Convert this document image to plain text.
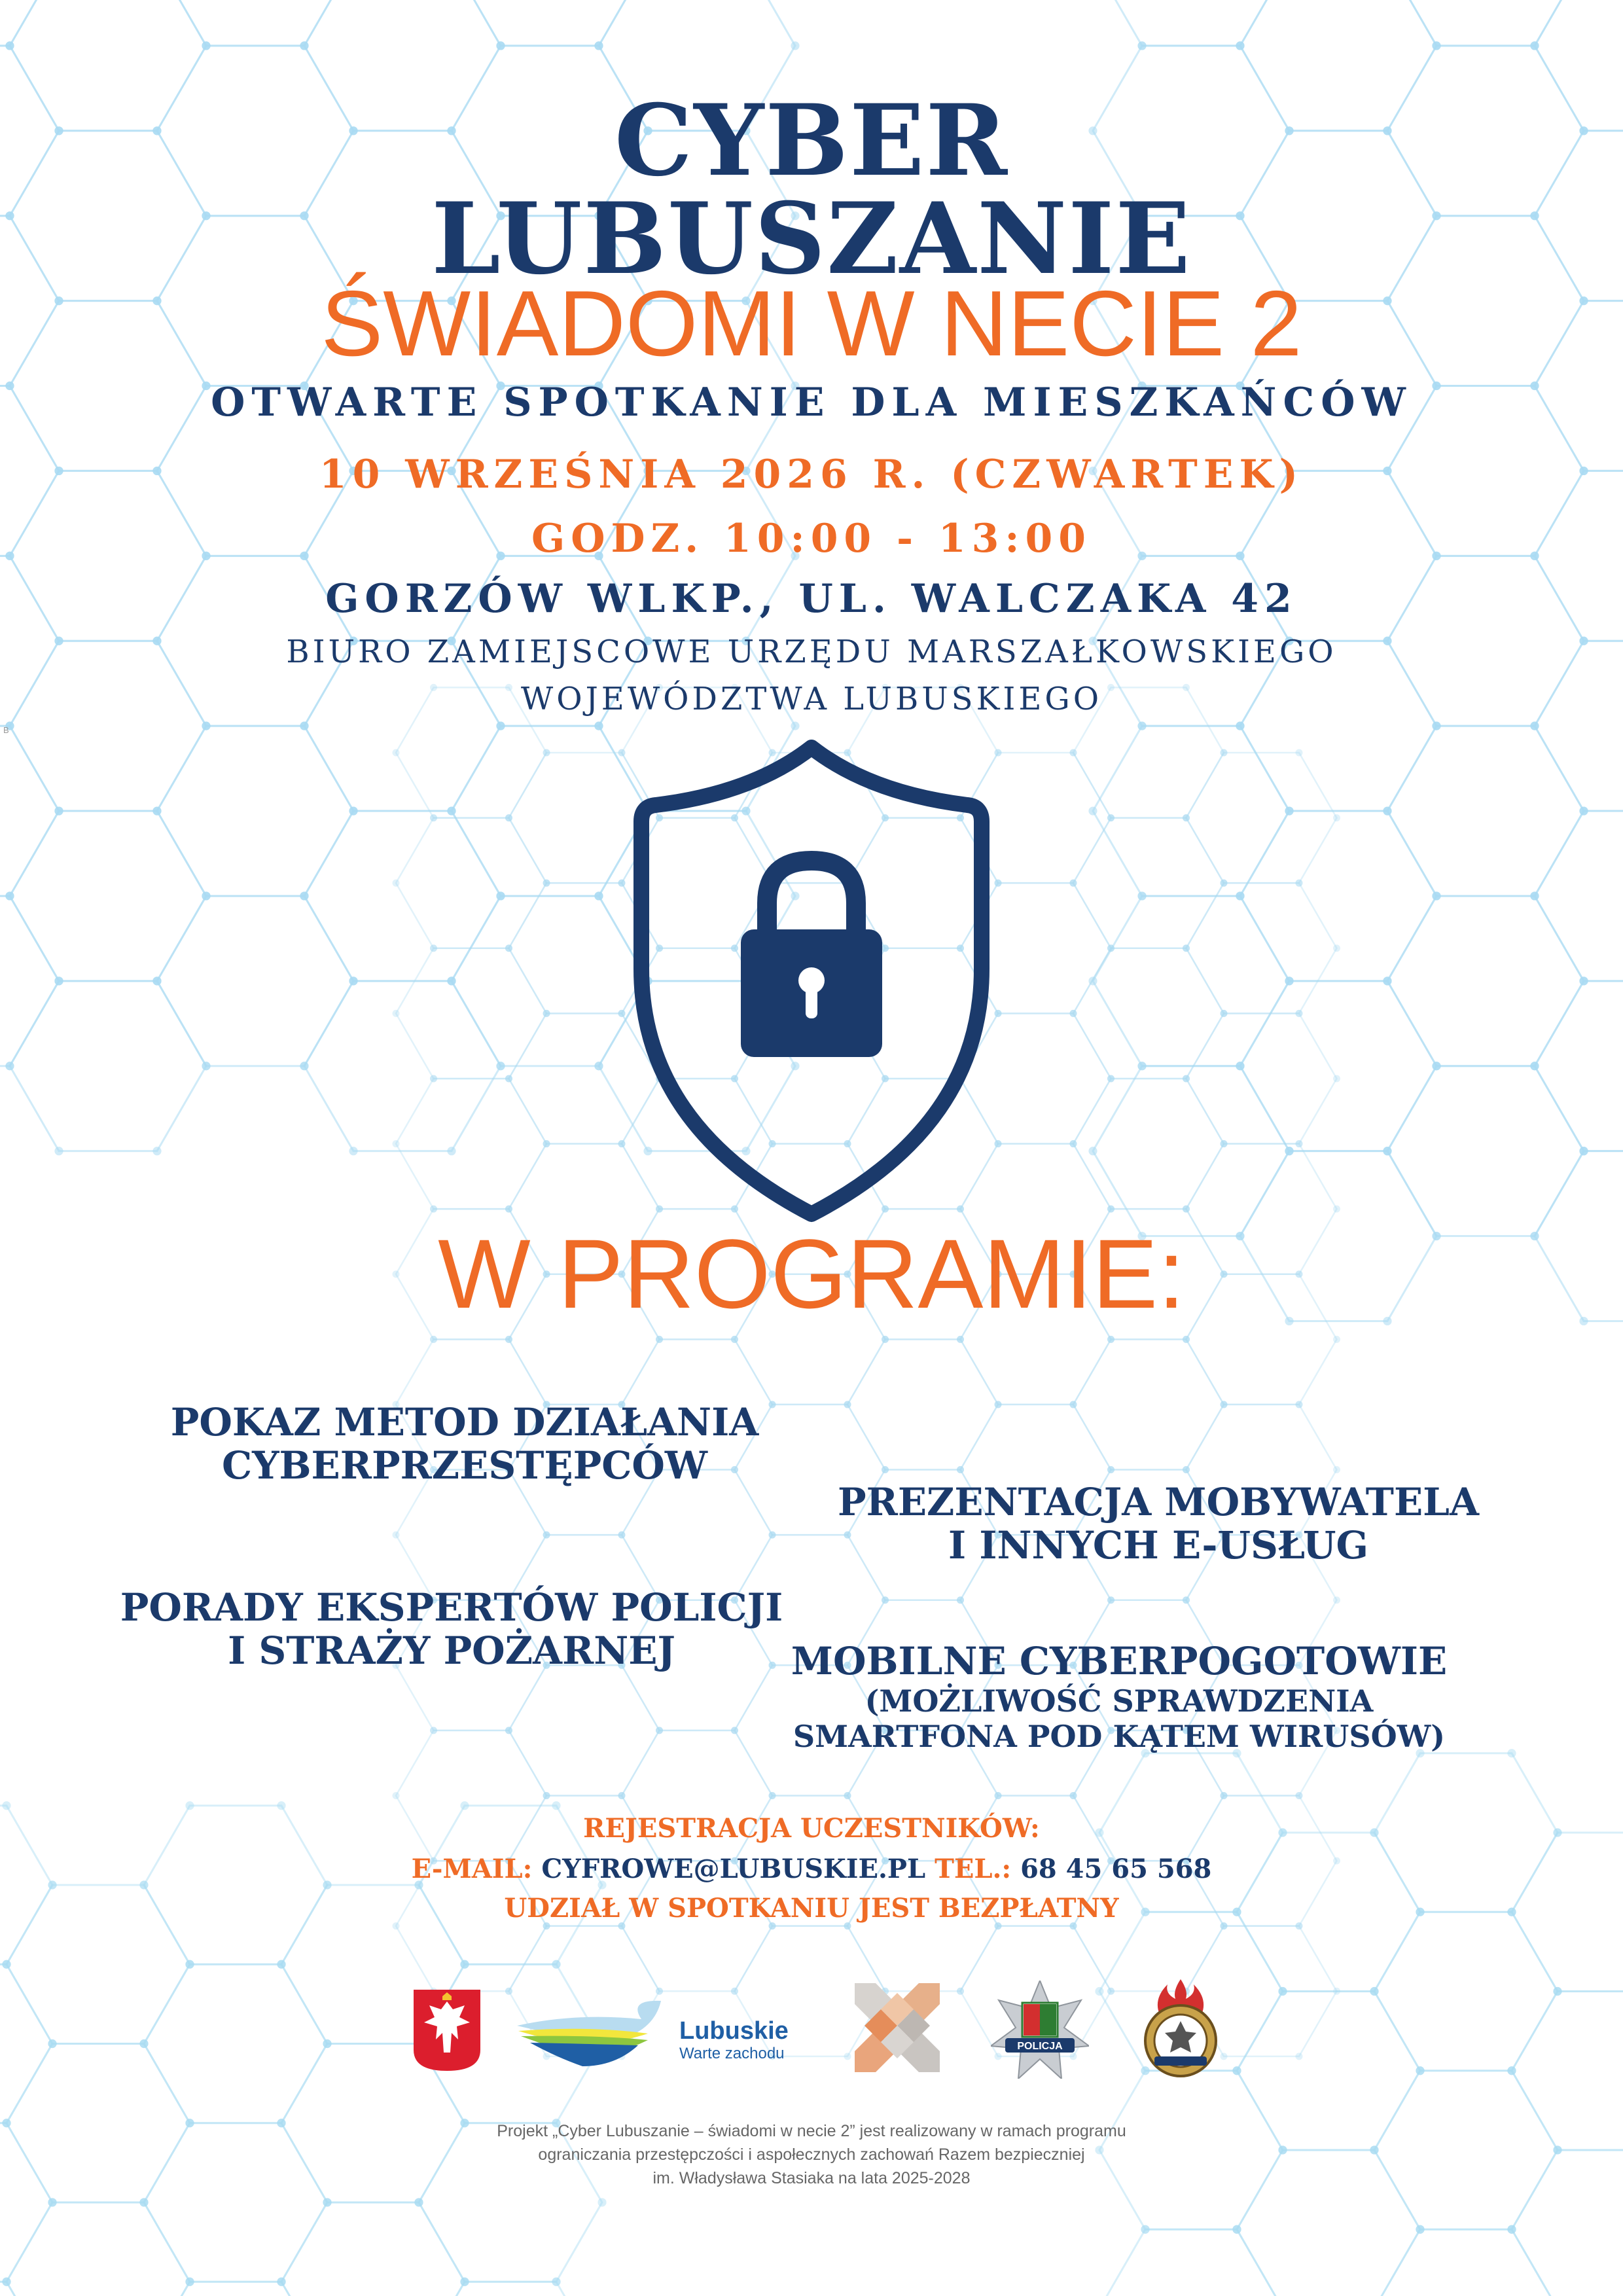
B
CYBER
LUBUSZANIE
ŚWIADOMI W NECIE 2
OTWARTE SPOTKANIE DLA MIESZKAŃCÓW
10 WRZEŚNIA 2026 R. (CZWARTEK)
GODZ. 10:00 - 13:00
GORZÓW WLKP., UL. WALCZAKA 42
BIURO ZAMIEJSCOWE URZĘDU MARSZAŁKOWSKIEGO
WOJEWÓDZTWA LUBUSKIEGO
W PROGRAMIE:
POKAZ METOD DZIAŁANIA
CYBERPRZESTĘPCÓW
PREZENTACJA MOBYWATELA
I INNYCH E-USŁUG
PORADY EKSPERTÓW POLICJI
I STRAŻY POŻARNEJ	MOBILNE CYBERPOGOTOWIE
(MOŻLIWOŚĆ SPRAWDZENIA
SMARTFONA POD KĄTEM WIRUSÓW)
REJESTRACJA UCZESTNIKÓW:
E-MAIL: CYFROWE@LUBUSKIE.PL TEL.: 68 45 65 568
UDZIAŁ W SPOTKANIU JEST BEZPŁATNY
Lubuskie
Warte zachodu	POLICJA
Projekt „Cyber Lubuszanie – świadomi w necie 2” jest realizowany w ramach programu
ograniczania przestępczości i aspołecznych zachowań Razem bezpieczniej
im. Władysława Stasiaka na lata 2025-2028
